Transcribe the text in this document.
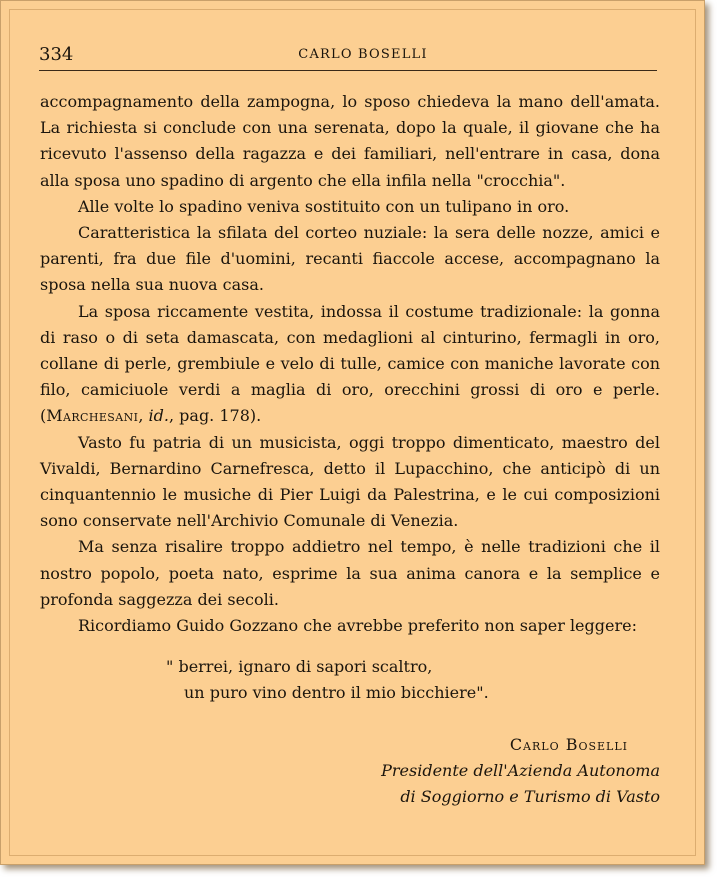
334	CARLO BOSELLI

accompagnamento della zampogna, lo sposo chiedeva la mano dell'amata. La richiesta si conclude con una serenata, dopo la quale, il giovane che ha ricevuto l'assenso della ragazza e dei familiari, nell'entrare in casa, dona alla sposa uno spadino di argento che ella infila nella "crocchia".

Alle volte lo spadino veniva sostituito con un tulipano in oro.

Caratteristica la sfilata del corteo nuziale: la sera delle nozze, amici e parenti, fra due file d'uomini, recanti fiaccole accese, accompagnano la sposa nella sua nuova casa.

La sposa riccamente vestita, indossa il costume tradizionale: la gonna di raso o di seta damascata, con medaglioni al cinturino, fermagli in oro, collane di perle, grembiule e velo di tulle, camice con maniche lavorate con filo, camiciuole verdi a maglia di oro, orecchini grossi di oro e perle. (Marchesani, id., pag. 178).

Vasto fu patria di un musicista, oggi troppo dimenticato, maestro del Vivaldi, Bernardino Carnefresca, detto il Lupacchino, che anticipò di un cinquantennio le musiche di Pier Luigi da Palestrina, e le cui composizioni sono conservate nell'Archivio Comunale di Venezia.

Ma senza risalire troppo addietro nel tempo, è nelle tradizioni che il nostro popolo, poeta nato, esprime la sua anima canora e la semplice e profonda saggezza dei secoli.

Ricordiamo Guido Gozzano che avrebbe preferito non saper leggere:

" berrei, ignaro di sapori scaltro,
un puro vino dentro il mio bicchiere".
Carlo Boselli
Presidente dell'Azienda Autonoma
di Soggiorno e Turismo di Vasto
